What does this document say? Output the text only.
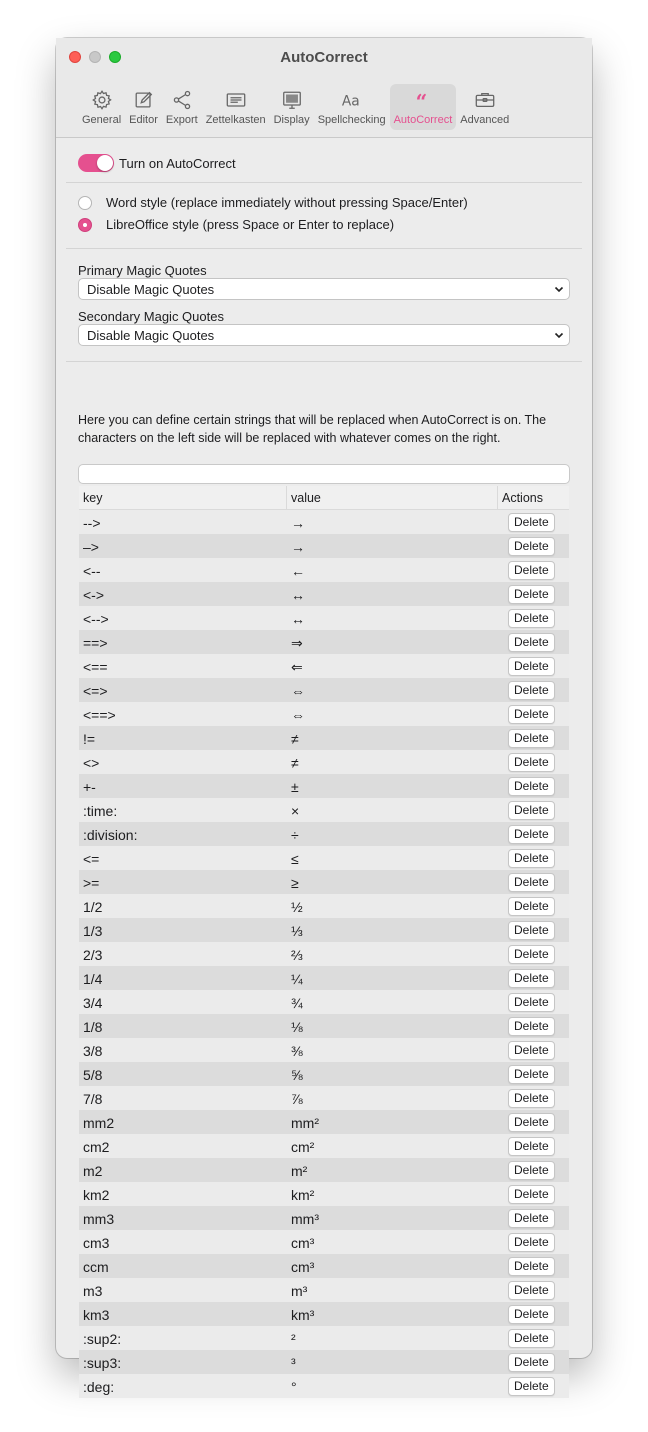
AutoCorrect
General Editor Export Zettelkasten Display
Aa
Spellchecking
“
AutoCorrect Advanced
Turn on AutoCorrect
Word style (replace immediately without pressing Space/Enter)
LibreOffice style (press Space or Enter to replace)
Primary Magic Quotes
Disable Magic Quotes
Secondary Magic Quotes
Disable Magic Quotes
Here you can define certain strings that will be replaced when AutoCorrect is on. The characters on the left side will be replaced with whatever comes on the right.
key	value	Actions
-->	→	Delete
–>	→	Delete
<--	←	Delete
<->	↔	Delete
<-->	↔	Delete
==>	⇒	Delete
<==	⇐	Delete
<=>	⇔	Delete
<==>	⇔	Delete
!=	≠	Delete
<>	≠	Delete
+-	±	Delete
:time:	×	Delete
:division:	÷	Delete
<=	≤	Delete
>=	≥	Delete
1/2	½	Delete
1/3	⅓	Delete
2/3	⅔	Delete
1/4	¼	Delete
3/4	¾	Delete
1/8	⅛	Delete
3/8	⅜	Delete
5/8	⅝	Delete
7/8	⅞	Delete
mm2	mm²	Delete
cm2	cm²	Delete
m2	m²	Delete
km2	km²	Delete
mm3	mm³	Delete
cm3	cm³	Delete
ccm	cm³	Delete
m3	m³	Delete
km3	km³	Delete
:sup2:	²	Delete
:sup3:	³	Delete
:deg:	°	Delete
